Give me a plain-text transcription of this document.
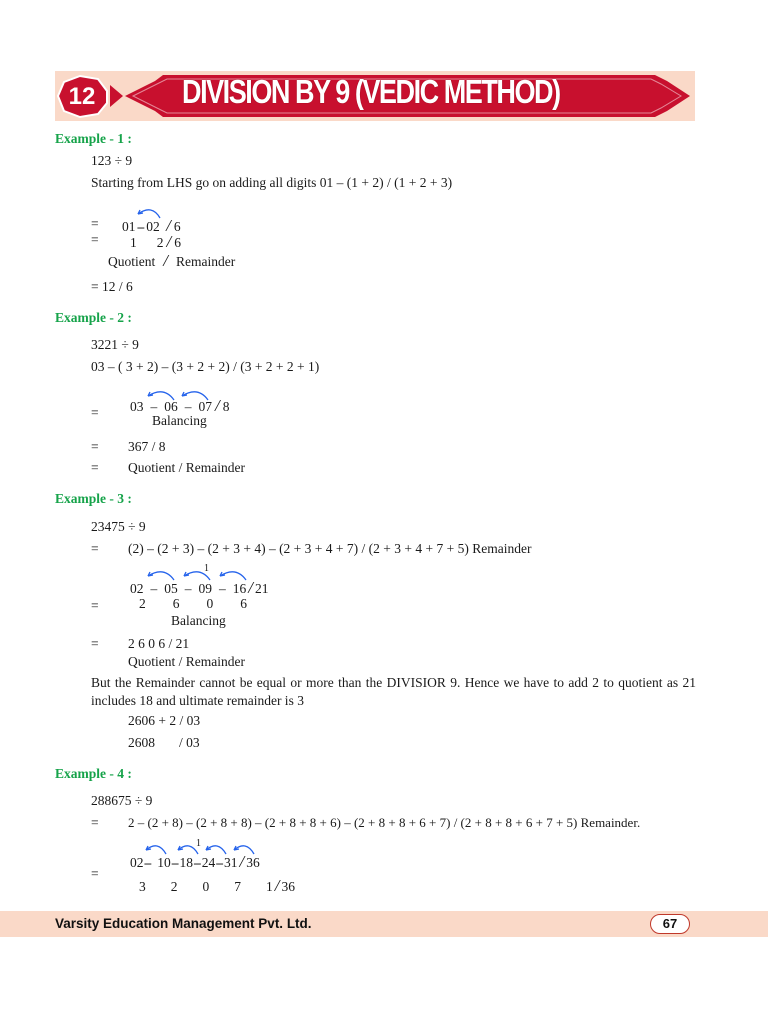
12	DIVISION BY 9 (VEDIC METHOD)
Example - 1 :
123 ÷ 9
Starting from LHS go on adding all digits 01 – (1 + 2) / (1 + 2 + 3)
= 01 – 02 / 6
= 1 2 / 6
Quotient / Remainder
= 12 / 6
Example - 2 :
3221 ÷ 9
03 – ( 3 + 2) – (3 + 2 + 2) / (3 + 2 + 2 + 1)
= 03 – 06 – 07 / 8
Balancing
= 367 / 8
= Quotient / Remainder
Example - 3 :
23475 ÷ 9
= (2) – (2 + 3) – (2 + 3 + 4) – (2 + 3 + 4 + 7) / (2 + 3 + 4 + 7 + 5) Remainder
1
=
02 – 05 – 09 – 16 / 21
2 6 0 6
Balancing
= 2 6 0 6 / 21
Quotient / Remainder
But the Remainder cannot be equal or more than the DIVISIOR 9. Hence we have to add 2 to quotient as 21 includes 18 and ultimate remainder is 3
2606 + 2 / 03
2608 / 03
Example - 4 :
288675 ÷ 9
= 2 – (2 + 8) – (2 + 8 + 8) – (2 + 8 + 8 + 6) – (2 + 8 + 8 + 6 + 7) / (2 + 8 + 8 + 6 + 7 + 5) Remainder.
1
=
02– 10–18–24–31 / 36
3 2 0 7 1 / 36
Varsity Education Management Pvt. Ltd.	67
